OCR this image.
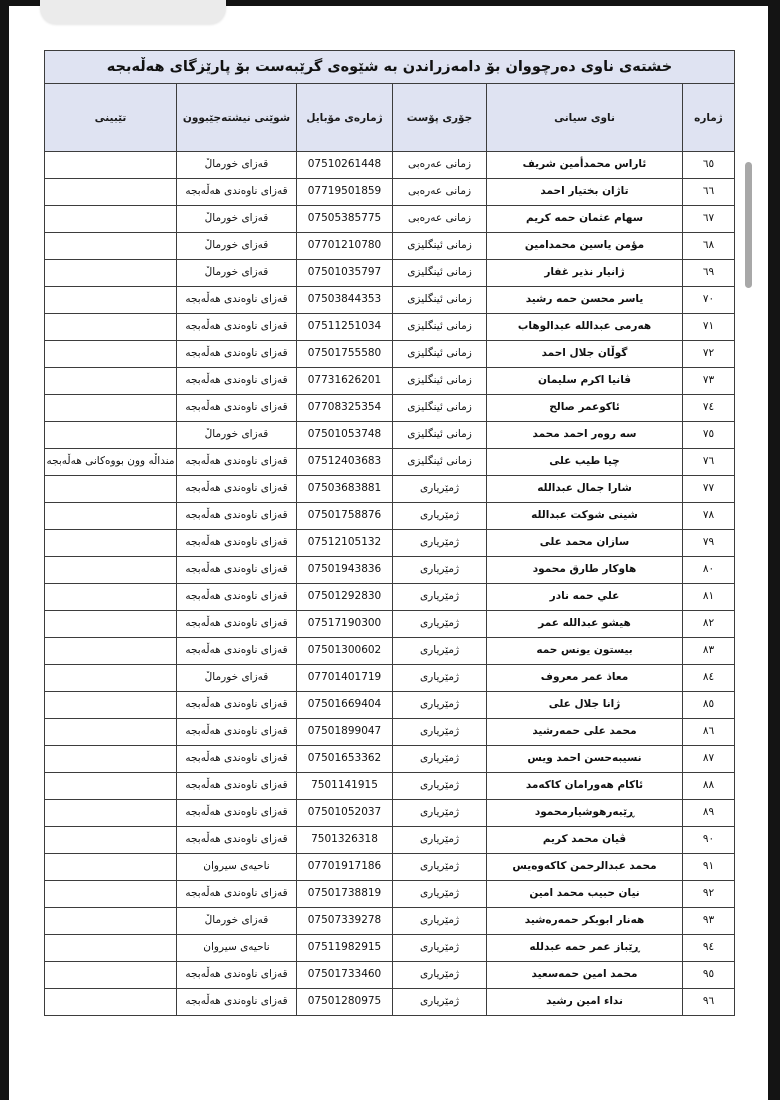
خشتەی ناوی دەرچووان بۆ دامەزراندن بە شێوەی گرێبەست بۆ پارێزگای هەڵەبجە					
ژمارە	ناوی سیانی	جۆری پۆست	ژمارەی مۆبایل	شوێنی نیشتەجێبوون	تێبینی
٦٥	ئاراس محمدأمین شریف	زمانی عەرەبی	07510261448	قەزای خورمالٚ	
٦٦	تاژان بختیار احمد	زمانی عەرەبی	07719501859	قەزای ناوەندی هەڵەبجە	
٦٧	سهام عثمان حمە کریم	زمانی عەرەبی	07505385775	قەزای خورمالٚ	
٦٨	مؤمن یاسین محمدامین	زمانی ئینگلیزی	07701210780	قەزای خورمالٚ	
٦٩	ژانیار نذیر غفار	زمانی ئینگلیزی	07501035797	قەزای خورمالٚ	
٧٠	یاسر محسن حمە رشید	زمانی ئینگلیزی	07503844353	قەزای ناوەندی هەڵەبجە	
٧١	هەرمی عبدالله عبدالوهاب	زمانی ئینگلیزی	07511251034	قەزای ناوەندی هەڵەبجە	
٧٢	گوڵان جلال احمد	زمانی ئینگلیزی	07501755580	قەزای ناوەندی هەڵەبجە	
٧٣	ڤانیا اکرم سلیمان	زمانی ئینگلیزی	07731626201	قەزای ناوەندی هەڵەبجە	
٧٤	ئاکوعمر صالح	زمانی ئینگلیزی	07708325354	قەزای ناوەندی هەڵەبجە	
٧٥	سە روەر احمد محمد	زمانی ئینگلیزی	07501053748	قەزای خورمالٚ	
٧٦	چیا طیب علی	زمانی ئینگلیزی	07512403683	قەزای ناوەندی هەڵەبجە	مندالٚە وون بووەکانی هەڵەبجە
٧٧	شارا جمال عبدالله	ژمێریاری	07503683881	قەزای ناوەندی هەڵەبجە	
٧٨	شینی شوکت عبدالله	ژمێریاری	07501758876	قەزای ناوەندی هەڵەبجە	
٧٩	سازان محمد علی	ژمێریاری	07512105132	قەزای ناوەندی هەڵەبجە	
٨٠	هاوکار طارق محمود	ژمێریاری	07501943836	قەزای ناوەندی هەڵەبجە	
٨١	علي حمە نادر	ژمێریاری	07501292830	قەزای ناوەندی هەڵەبجە	
٨٢	هیشو عبدالله عمر	ژمێریاری	07517190300	قەزای ناوەندی هەڵەبجە	
٨٣	بیستون یونس حمە	ژمێریاری	07501300602	قەزای ناوەندی هەڵەبجە	
٨٤	معاذ عمر معروف	ژمێریاری	07701401719	قەزای خورمالٚ	
٨٥	ژانا جلال علی	ژمێریاری	07501669404	قەزای ناوەندی هەڵەبجە	
٨٦	محمد علی حمەرشید	ژمێریاری	07501899047	قەزای ناوەندی هەڵەبجە	
٨٧	نسیبەحسن احمد ویس	ژمێریاری	07501653362	قەزای ناوەندی هەڵەبجە	
٨٨	ئاکام هەورامان کاکەمد	ژمێریاری	7501141915	قەزای ناوەندی هەڵەبجە	
٨٩	ڕێبەرهوشیارمحمود	ژمێریاری	07501052037	قەزای ناوەندی هەڵەبجە	
٩٠	ڤیان محمد کریم	ژمێریاری	7501326318	قەزای ناوەندی هەڵەبجە	
٩١	محمد عبدالرحمن کاکەوەیس	ژمێریاری	07701917186	ناحیەی سیروان	
٩٢	نیان حبیب محمد امین	ژمێریاری	07501738819	قەزای ناوەندی هەڵەبجە	
٩٣	هەنار ابوبکر حمەرەشید	ژمێریاری	07507339278	قەزای خورمالٚ	
٩٤	ڕێباز عمر حمە عبدلله	ژمێریاری	07511982915	ناحیەی سیروان	
٩٥	محمد امین حمەسعید	ژمێریاری	07501733460	قەزای ناوەندی هەڵەبجە	
٩٦	نداء امین رشید	ژمێریاری	07501280975	قەزای ناوەندی هەڵەبجە	
